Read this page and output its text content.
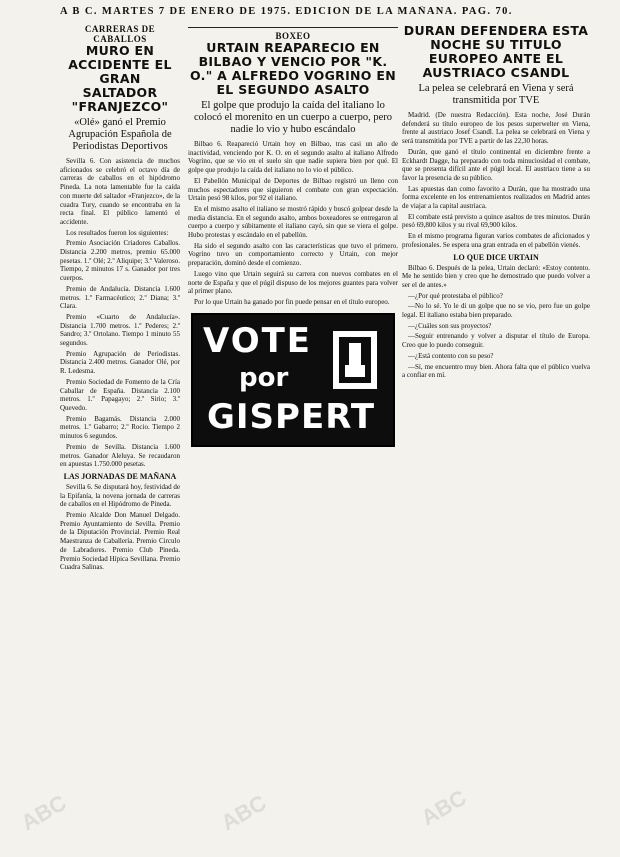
A B C. MARTES 7 DE ENERO DE 1975. EDICION DE LA MAÑANA. PAG. 70.
CARRERAS DE CABALLOS
MURO EN ACCIDENTE EL GRAN SALTADOR "FRANJEZCO"
«Olé» ganó el Premio Agrupación Española de Periodistas Deportivos

Sevilla 6. Con asistencia de muchos aficionados se celebró el octavo día de carreras de caballos en el hipódromo Pineda. La nota lamentable fue la caída con muerte del saltador «Franjezco», de la cuadra Tury, cuando se encontraba en la recta final. El público lamentó el accidente.

Los resultados fueron los siguientes:

Premio Asociación Criadores Caballos. Distancia 2.200 metros, premio 65.000 pesetas. 1.º Olé; 2.º Aliquipe; 3.º Valeroso. Tiempo, 2 minutos 17 s. Ganador por tres cuerpos.

Premio de Andalucía. Distancia 1.600 metros. 1.º Farmacéutico; 2.º Diana; 3.º Clara.

Premio «Cuarto de Andalucía». Distancia 1.700 metros. 1.º Pederes; 2.º Sandro; 3.º Ortolano. Tiempo 1 minuto 55 segundos.

Premio Agrupación de Periodistas. Distancia 2.400 metros. Ganador Olé, por R. Ledesma.

Premio Sociedad de Fomento de la Cría Caballar de España. Distancia 2.100 metros. 1.º Papagayo; 2.º Sirio; 3.º Quevedo.

Premio Bagamás. Distancia 2.000 metros. 1.º Gabarro; 2.º Rocio. Tiempo 2 minutos 6 segundos.

Premio de Sevilla. Distancia 1.600 metros. Ganador Aleluya. Se recaudaron en apuestas 1.750.000 pesetas.

LAS JORNADAS DE MAÑANA

Sevilla 6. Se disputará hoy, festividad de la Epifanía, la novena jornada de carreras de caballos en el Hipódromo de Pineda.

Premio Alcalde Don Manuel Delgado. Premio Ayuntamiento de Sevilla. Premio de la Diputación Provincial. Premio Real Maestranza de Caballería. Premio Circulo de Labradores. Premio Club Pineda. Premio Sociedad Hípica Sevillana. Premio Cuadra Salinas.

BOXEO
URTAIN REAPARECIO EN BILBAO Y VENCIO POR "K. O." A ALFREDO VOGRINO EN EL SEGUNDO ASALTO
El golpe que produjo la caída del italiano lo colocó el morenito en un cuerpo a cuerpo, pero nadie lo vio y hubo escándalo

Bilbao 6. Reapareció Urtain hoy en Bilbao, tras casi un año de inactividad, venciendo por K. O. en el segundo asalto al italiano Alfredo Vogrino, que se vio en el suelo sin que nadie supiera bien por qué. El golpe que produjo la caída del italiano no lo vio el público.

El Pabellón Municipal de Deportes de Bilbao registró un lleno con muchos espectadores que siguieron el combate con gran expectación. Urtain pesó 98 kilos, por 92 el italiano.

En el mismo asalto el italiano se mostró rápido y buscó golpear desde la media distancia. En el segundo asalto, ambos boxeadores se entregaron al cuerpo a cuerpo y súbitamente el italiano cayó, sin que se viera el golpe. Hubo protestas y escándalo en el pabellón.

Ha sido el segundo asalto con las características que tuvo el primero. Vogrino tuvo un comportamiento correcto y Urtain, con mejor preparación, dominó desde el comienzo.

Luego vino que Urtain seguirá su carrera con nuevos combates en el norte de España y que el púgil dispuso de los mejores guantes para volver al primer plano.

Por lo que Urtain ha ganado por fin puede pensar en el título europeo.

VOTE
por
GISPERT
DURAN DEFENDERA ESTA NOCHE SU TITULO EUROPEO ANTE EL AUSTRIACO CSANDL
La pelea se celebrará en Viena y será transmitida por TVE

Madrid. (De nuestra Redacción). Esta noche, José Durán defenderá su título europeo de los pesos superwelter en Viena, frente al austriaco Josef Csandl. La pelea se celebrará en Viena y será transmitida por TVE a partir de las 22,30 horas.

Durán, que ganó el título continental en diciembre frente a Eckhardt Dagge, ha preparado con toda minuciosidad el combate, que se presenta difícil ante el púgil local. El austriaco tiene a su favor la presencia de su público.

Las apuestas dan como favorito a Durán, que ha mostrado una forma excelente en los entrenamientos realizados en Madrid antes de viajar a la capital austriaca.

El combate está previsto a quince asaltos de tres minutos. Durán pesó 69,800 kilos y su rival 69,900 kilos.

En el mismo programa figuran varios combates de aficionados y profesionales. Se espera una gran entrada en el pabellón vienés.

LO QUE DICE URTAIN

Bilbao 6. Después de la pelea, Urtain declaró: «Estoy contento. Me he sentido bien y creo que he demostrado que puedo volver a ser el de antes.»

—¿Por qué protestaba el público?

—No lo sé. Yo le di un golpe que no se vio, pero fue un golpe legal. El italiano estaba bien preparado.

—¿Cuáles son sus proyectos?

—Seguir entrenando y volver a disputar el título de Europa. Creo que lo puedo conseguir.

—¿Está contento con su peso?

—Sí, me encuentro muy bien. Ahora falta que el público vuelva a confiar en mí.

ABC	ABC	ABC
